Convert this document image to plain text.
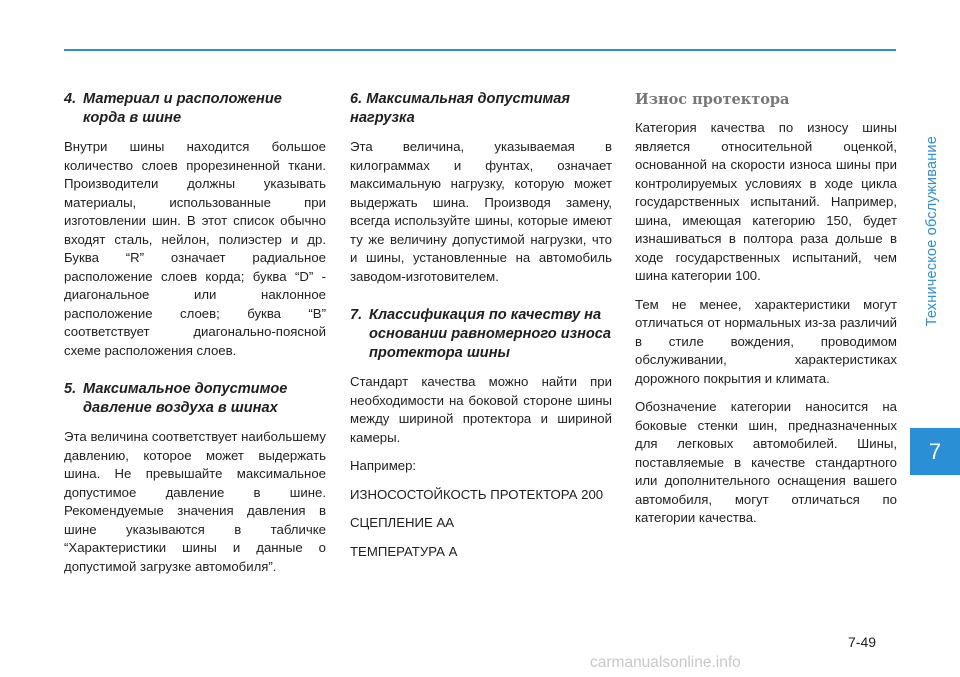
Техническое обслуживание
7
4. Материал и расположение корда в шине

Внутри шины находится большое количество слоев прорезиненной ткани. Производители должны указывать материалы, использованные при изготовлении шин. В этот список обычно входят сталь, нейлон, полиэстер и др. Буква “R” означает радиальное расположение слоев корда; буква “D” - диагональное или наклонное расположение слоев; буква “B” соответствует диагонально-поясной схеме расположения слоев.

5. Максимальное допустимое давление воздуха в шинах

Эта величина соответствует наибольшему давлению, которое может выдержать шина. Не превышайте максимальное допустимое давление в шине. Рекомендуемые значения давления в шине указываются в табличке “Характеристики шины и данные о допустимой загрузке автомобиля”.

6. Максимальная допустимая нагрузка

Эта величина, указываемая в килограммах и фунтах, означает максимальную нагрузку, которую может выдержать шина. Производя замену, всегда используйте шины, которые имеют ту же величину допустимой нагрузки, что и шины, установленные на автомобиль заводом-изготовителем.

7. Классификация по качеству на основании равномерного износа протектора шины

Стандарт качества можно найти при необходимости на боковой стороне шины между шириной протектора и шириной камеры.

Например:

ИЗНОСОСТОЙКОСТЬ ПРОТЕКТОРА 200

СЦЕПЛЕНИЕ АА

ТЕМПЕРАТУРА А

Износ протектора

Категория качества по износу шины является относительной оценкой, основанной на скорости износа шины при контролируемых условиях в ходе цикла государственных испытаний. Например, шина, имеющая категорию 150, будет изнашиваться в полтора раза дольше в ходе государственных испытаний, чем шина категории 100.

Тем не менее, характеристики могут отличаться от нормальных из-за различий в стиле вождения, проводимом обслуживании, характеристиках дорожного покрытия и климата.

Обозначение категории наносится на боковые стенки шин, предназначенных для легковых автомобилей. Шины, поставляемые в качестве стандартного или дополнительного оснащения вашего автомобиля, могут отличаться по категории качества.

7-49
carmanualsonline.info
